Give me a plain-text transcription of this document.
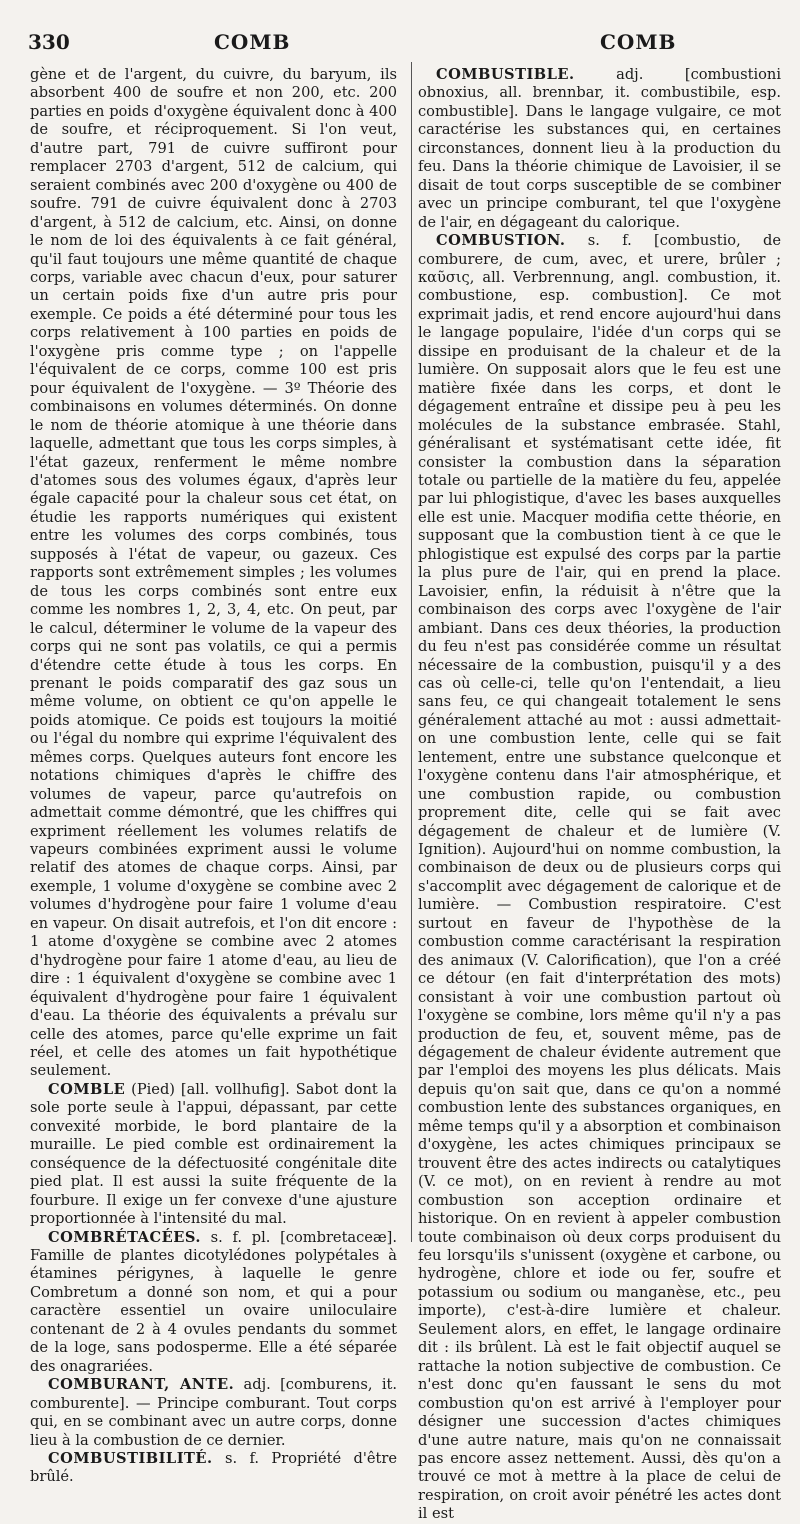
330	COMB	COMB

gène et de l'argent, du cuivre, du baryum, ils absorbent 400 de soufre et non 200, etc. 200 parties en poids d'oxygène équivalent donc à 400 de soufre, et réciproquement. Si l'on veut, d'autre part, 791 de cuivre suffiront pour remplacer 2703 d'argent, 512 de calcium, qui seraient combinés avec 200 d'oxygène ou 400 de soufre. 791 de cuivre équivalent donc à 2703 d'argent, à 512 de calcium, etc. Ainsi, on donne le nom de loi des équivalents à ce fait général, qu'il faut toujours une même quantité de chaque corps, variable avec chacun d'eux, pour saturer un certain poids fixe d'un autre pris pour exemple. Ce poids a été déterminé pour tous les corps relativement à 100 parties en poids de l'oxygène pris comme type ; on l'appelle l'équivalent de ce corps, comme 100 est pris pour équivalent de l'oxygène. — 3º Théorie des combinaisons en volumes déterminés. On donne le nom de théorie atomique à une théorie dans laquelle, admettant que tous les corps simples, à l'état gazeux, renferment le même nombre d'atomes sous des volumes égaux, d'après leur égale capacité pour la chaleur sous cet état, on étudie les rapports numériques qui existent entre les volumes des corps combinés, tous supposés à l'état de vapeur, ou gazeux. Ces rapports sont extrêmement simples ; les volumes de tous les corps combinés sont entre eux comme les nombres 1, 2, 3, 4, etc. On peut, par le calcul, déterminer le volume de la vapeur des corps qui ne sont pas volatils, ce qui a permis d'étendre cette étude à tous les corps. En prenant le poids comparatif des gaz sous un même volume, on obtient ce qu'on appelle le poids atomique. Ce poids est toujours la moitié ou l'égal du nombre qui exprime l'équivalent des mêmes corps. Quelques auteurs font encore les notations chimiques d'après le chiffre des volumes de vapeur, parce qu'autrefois on admettait comme démontré, que les chiffres qui expriment réellement les volumes relatifs de vapeurs combinées expriment aussi le volume relatif des atomes de chaque corps. Ainsi, par exemple, 1 volume d'oxygène se combine avec 2 volumes d'hydrogène pour faire 1 volume d'eau en vapeur. On disait autrefois, et l'on dit encore : 1 atome d'oxygène se combine avec 2 atomes d'hydrogène pour faire 1 atome d'eau, au lieu de dire : 1 équivalent d'oxygène se combine avec 1 équivalent d'hydrogène pour faire 1 équivalent d'eau. La théorie des équivalents a prévalu sur celle des atomes, parce qu'elle exprime un fait réel, et celle des atomes un fait hypothétique seulement.

COMBLE (Pied) [all. vollhufig]. Sabot dont la sole porte seule à l'appui, dépassant, par cette convexité morbide, le bord plantaire de la muraille. Le pied comble est ordinairement la conséquence de la défectuosité congénitale dite pied plat. Il est aussi la suite fréquente de la fourbure. Il exige un fer convexe d'une ajusture proportionnée à l'intensité du mal.

COMBRÉTACÉES. s. f. pl. [combretaceæ]. Famille de plantes dicotylédones polypétales à étamines périgynes, à laquelle le genre Combretum a donné son nom, et qui a pour caractère essentiel un ovaire uniloculaire contenant de 2 à 4 ovules pendants du sommet de la loge, sans podosperme. Elle a été séparée des onagrariées.

COMBURANT, ANTE. adj. [comburens, it. comburente]. — Principe comburant. Tout corps qui, en se combinant avec un autre corps, donne lieu à la combustion de ce dernier.

COMBUSTIBILITÉ. s. f. Propriété d'être brûlé.

COMBUSTIBLE. adj. [combustioni obnoxius, all. brennbar, it. combustibile, esp. combustible]. Dans le langage vulgaire, ce mot caractérise les substances qui, en certaines circonstances, donnent lieu à la production du feu. Dans la théorie chimique de Lavoisier, il se disait de tout corps susceptible de se combiner avec un principe comburant, tel que l'oxygène de l'air, en dégageant du calorique.

COMBUSTION. s. f. [combustio, de comburere, de cum, avec, et urere, brûler ; καῦσις, all. Verbrennung, angl. combustion, it. combustione, esp. combustion]. Ce mot exprimait jadis, et rend encore aujourd'hui dans le langage populaire, l'idée d'un corps qui se dissipe en produisant de la chaleur et de la lumière. On supposait alors que le feu est une matière fixée dans les corps, et dont le dégagement entraîne et dissipe peu à peu les molécules de la substance embrasée. Stahl, généralisant et systématisant cette idée, fit consister la combustion dans la séparation totale ou partielle de la matière du feu, appelée par lui phlogistique, d'avec les bases auxquelles elle est unie. Macquer modifia cette théorie, en supposant que la combustion tient à ce que le phlogistique est expulsé des corps par la partie la plus pure de l'air, qui en prend la place. Lavoisier, enfin, la réduisit à n'être que la combinaison des corps avec l'oxygène de l'air ambiant. Dans ces deux théories, la production du feu n'est pas considérée comme un résultat nécessaire de la combustion, puisqu'il y a des cas où celle-ci, telle qu'on l'entendait, a lieu sans feu, ce qui changeait totalement le sens généralement attaché au mot : aussi admettait-on une combustion lente, celle qui se fait lentement, entre une substance quelconque et l'oxygène contenu dans l'air atmosphérique, et une combustion rapide, ou combustion proprement dite, celle qui se fait avec dégagement de chaleur et de lumière (V. Ignition). Aujourd'hui on nomme combustion, la combinaison de deux ou de plusieurs corps qui s'accomplit avec dégagement de calorique et de lumière. — Combustion respiratoire. C'est surtout en faveur de l'hypothèse de la combustion comme caractérisant la respiration des animaux (V. Calorification), que l'on a créé ce détour (en fait d'interprétation des mots) consistant à voir une combustion partout où l'oxygène se combine, lors même qu'il n'y a pas production de feu, et, souvent même, pas de dégagement de chaleur évidente autrement que par l'emploi des moyens les plus délicats. Mais depuis qu'on sait que, dans ce qu'on a nommé combustion lente des substances organiques, en même temps qu'il y a absorption et combinaison d'oxygène, les actes chimiques principaux se trouvent être des actes indirects ou catalytiques (V. ce mot), on en revient à rendre au mot combustion son acception ordinaire et historique. On en revient à appeler combustion toute combinaison où deux corps produisent du feu lorsqu'ils s'unissent (oxygène et carbone, ou hydrogène, chlore et iode ou fer, soufre et potassium ou sodium ou manganèse, etc., peu importe), c'est-à-dire lumière et chaleur. Seulement alors, en effet, le langage ordinaire dit : ils brûlent. Là est le fait objectif auquel se rattache la notion subjective de combustion. Ce n'est donc qu'en faussant le sens du mot combustion qu'on est arrivé à l'employer pour désigner une succession d'actes chimiques d'une autre nature, mais qu'on ne connaissait pas encore assez nettement. Aussi, dès qu'on a trouvé ce mot à mettre à la place de celui de respiration, on croit avoir pénétré les actes dont il est
